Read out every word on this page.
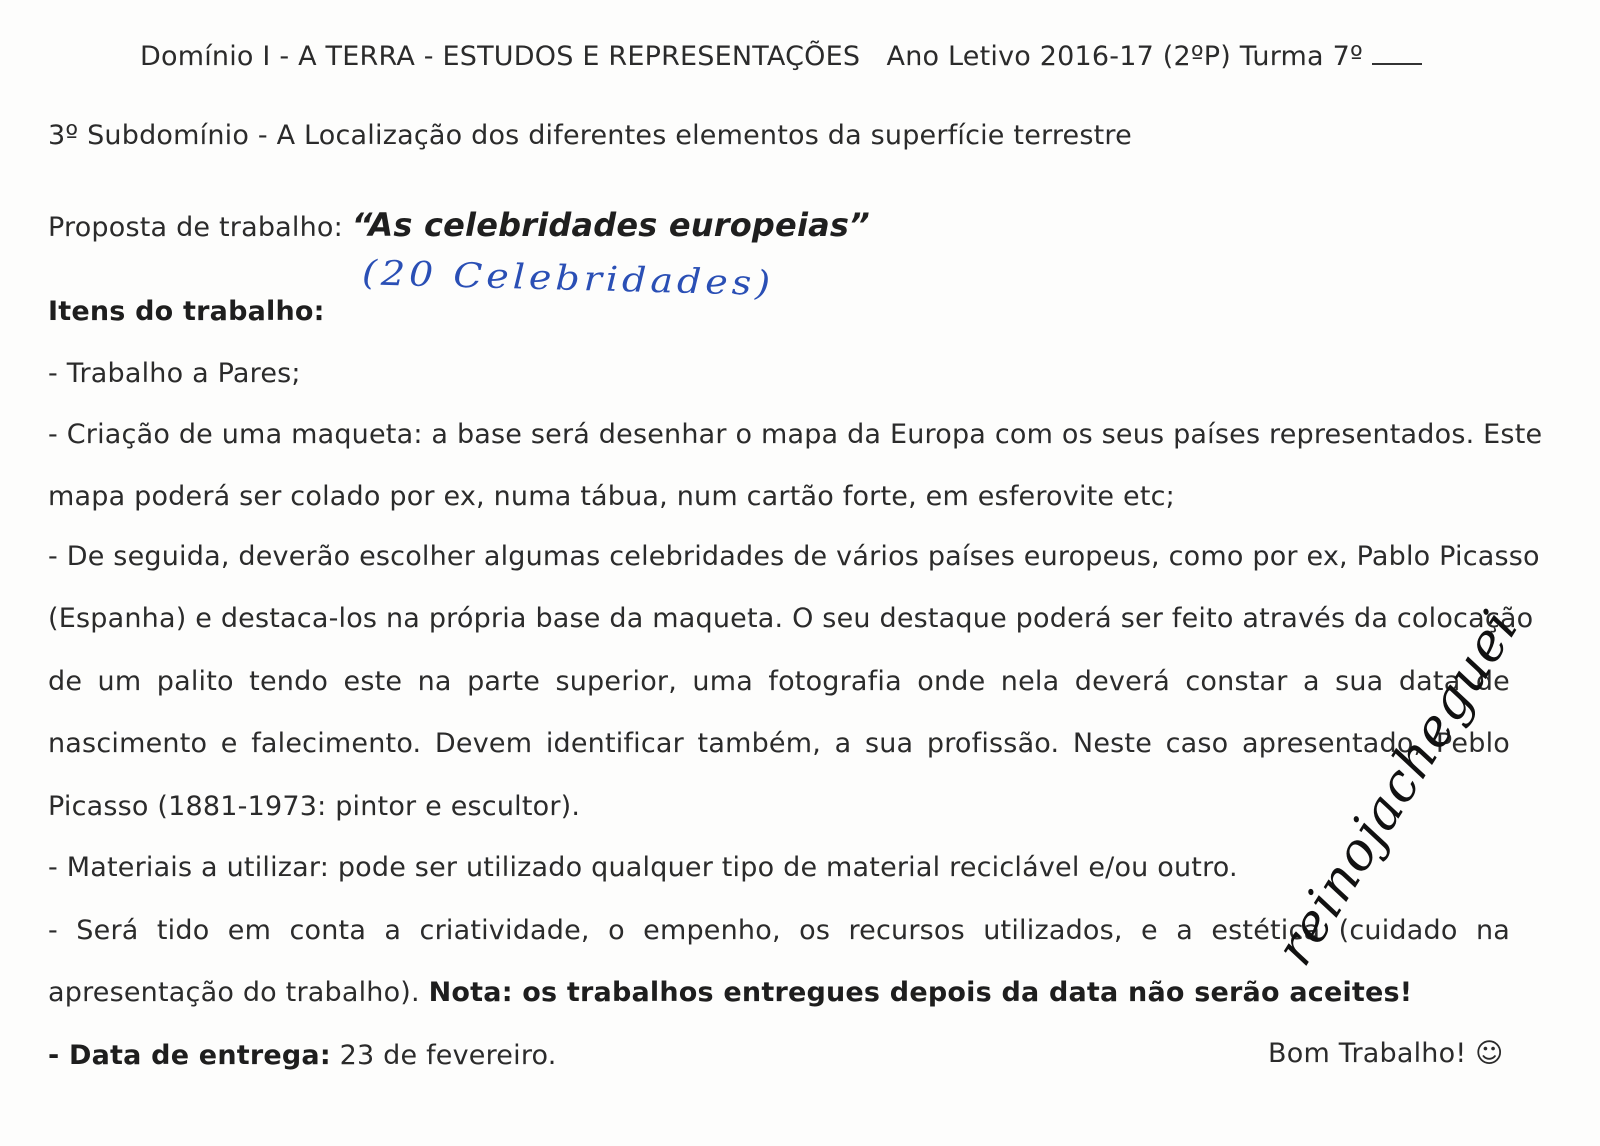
Domínio I - A TERRA - ESTUDOS E REPRESENTAÇÕES Ano Letivo 2016-17 (2ºP) Turma 7º
3º Subdomínio - A Localização dos diferentes elementos da superfície terrestre
Proposta de trabalho: “As celebridades europeias”
(20 Celebridades)
Itens do trabalho:
- Trabalho a Pares;
- Criação de uma maqueta: a base será desenhar o mapa da Europa com os seus países representados. Este
mapa poderá ser colado por ex, numa tábua, num cartão forte, em esferovite etc;
- De seguida, deverão escolher algumas celebridades de vários países europeus, como por ex, Pablo Picasso
(Espanha) e destaca-los na própria base da maqueta. O seu destaque poderá ser feito através da colocação
de um palito tendo este na parte superior, uma fotografia onde nela deverá constar a sua data de
nascimento e falecimento. Devem identificar também, a sua profissão. Neste caso apresentado, Peblo
Picasso (1881-1973: pintor e escultor).
- Materiais a utilizar: pode ser utilizado qualquer tipo de material reciclável e/ou outro.
- Será tido em conta a criatividade, o empenho, os recursos utilizados, e a estética (cuidado na
apresentação do trabalho). Nota: os trabalhos entregues depois da data não serão aceites!
- Data de entrega: 23 de fevereiro.	Bom Trabalho! ☺
reinojacheguei
